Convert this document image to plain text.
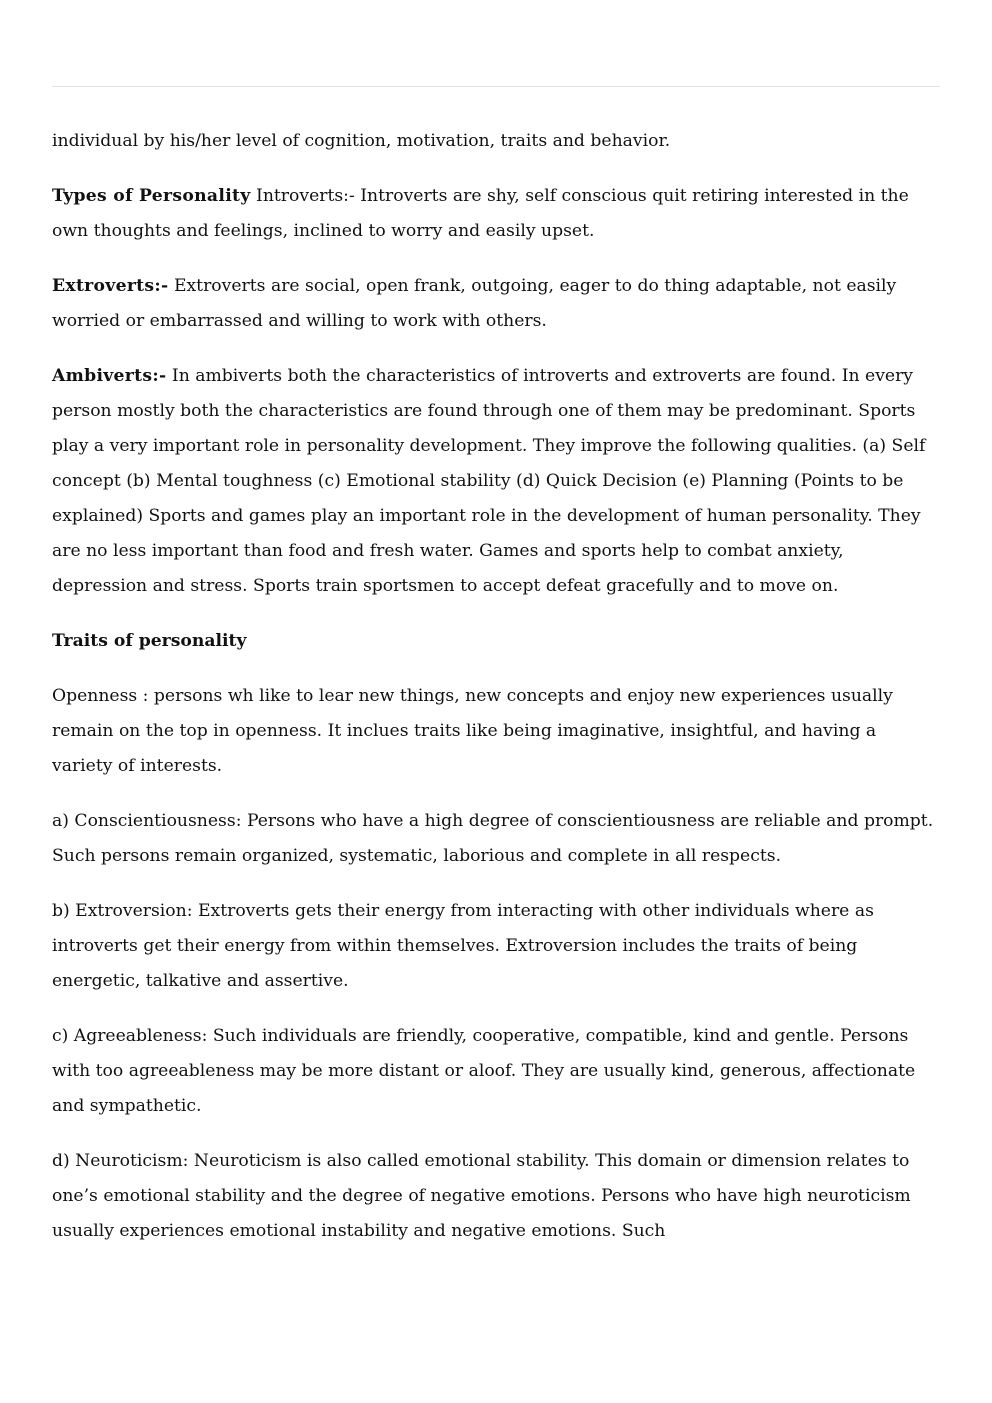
individual by his/her level of cognition, motivation, traits and behavior.

Types of Personality Introverts:- Introverts are shy, self conscious quit retiring interested in the own thoughts and feelings, inclined to worry and easily upset.

Extroverts:- Extroverts are social, open frank, outgoing, eager to do thing adaptable, not easily worried or embarrassed and willing to work with others.

Ambiverts:- In ambiverts both the characteristics of introverts and extroverts are found. In every person mostly both the characteristics are found through one of them may be predominant. Sports play a very important role in personality development. They improve the following qualities. (a) Self concept (b) Mental toughness (c) Emotional stability (d) Quick Decision (e) Planning (Points to be explained) Sports and games play an important role in the development of human personality. They are no less important than food and fresh water. Games and sports help to combat anxiety, depression and stress. Sports train sportsmen to accept defeat gracefully and to move on.

Traits of personality

Openness : persons wh like to lear new things, new concepts and enjoy new experiences usually remain on the top in openness. It inclues traits like being imaginative, insightful, and having a variety of interests.

a) Conscientiousness: Persons who have a high degree of conscientiousness are reliable and prompt. Such persons remain organized, systematic, laborious and complete in all respects.

b) Extroversion: Extroverts gets their energy from interacting with other individuals where as introverts get their energy from within themselves. Extroversion includes the traits of being energetic, talkative and assertive.

c) Agreeableness: Such individuals are friendly, cooperative, compatible, kind and gentle. Persons with too agreeableness may be more distant or aloof. They are usually kind, generous, affectionate and sympathetic.

d) Neuroticism: Neuroticism is also called emotional stability. This domain or dimension relates to one’s emotional stability and the degree of negative emotions. Persons who have high neuroticism usually experiences emotional instability and negative emotions. Such
